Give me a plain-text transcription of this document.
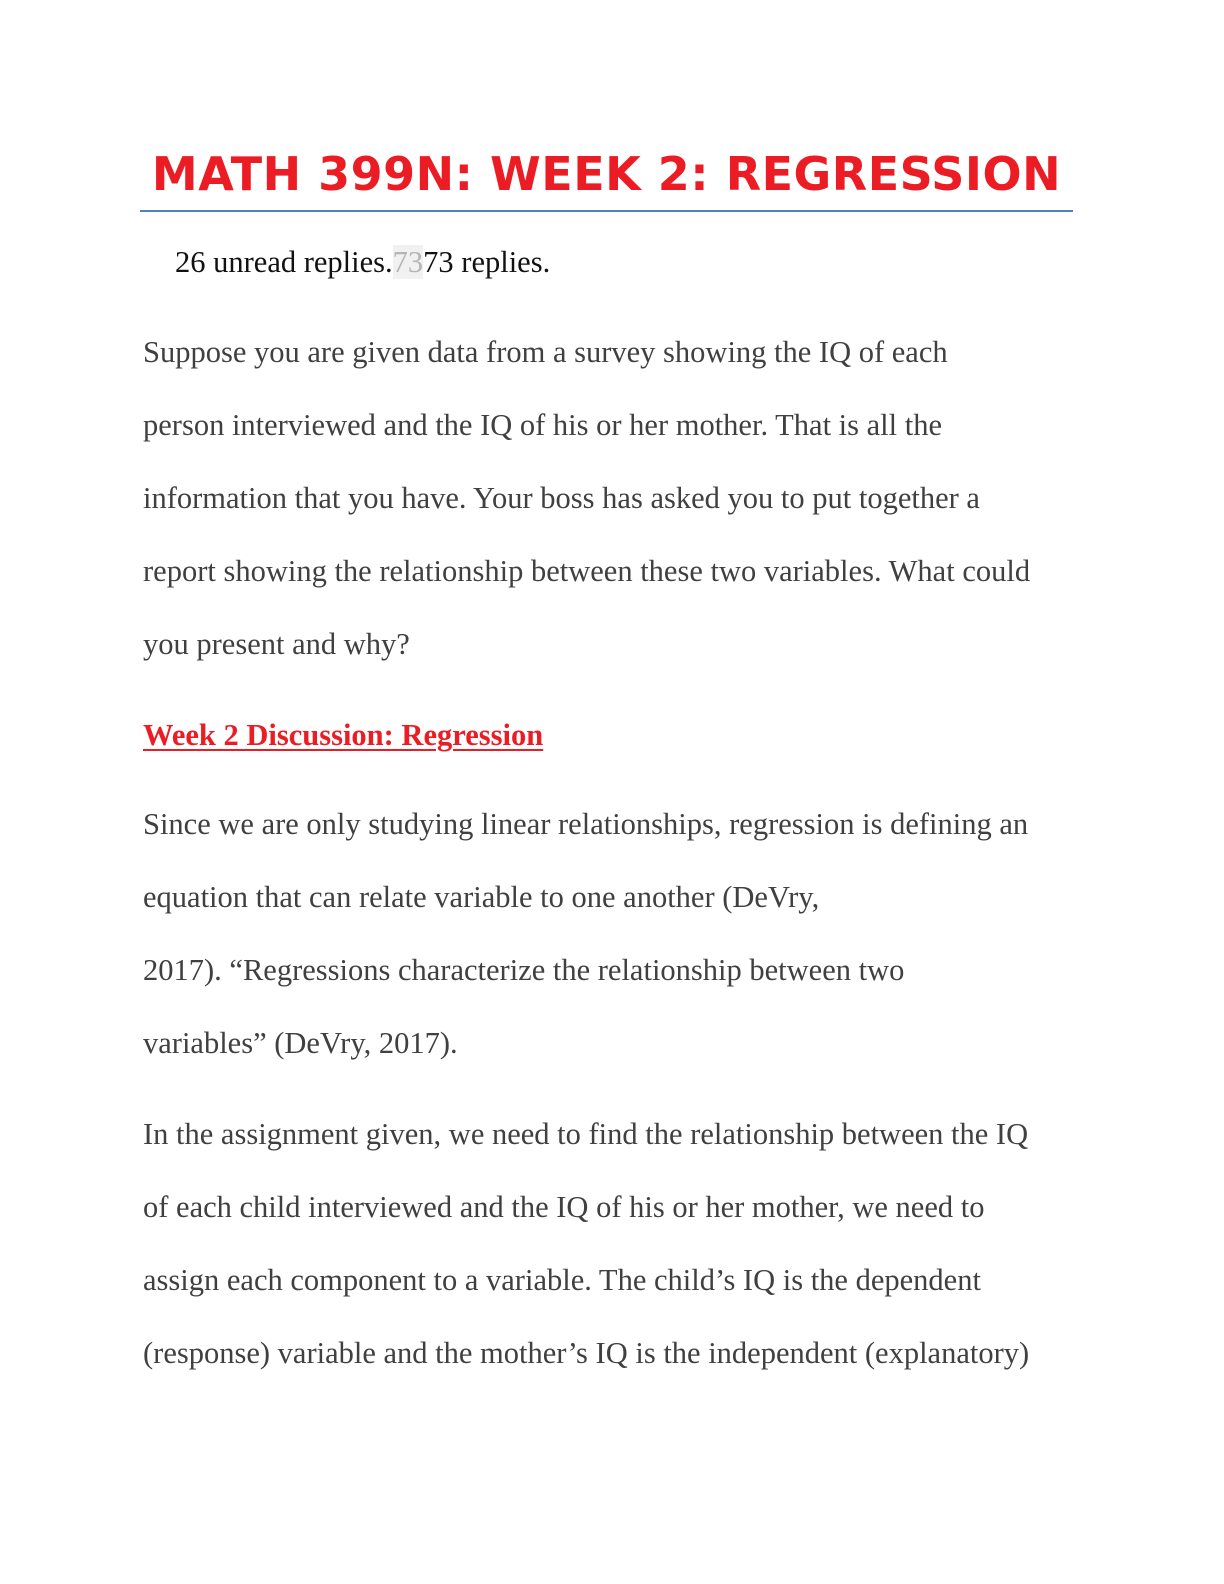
MATH 399N: WEEK 2: REGRESSION

26 unread replies.7373 replies.

Suppose you are given data from a survey showing the IQ of each
person interviewed and the IQ of his or her mother. That is all the
information that you have. Your boss has asked you to put together a
report showing the relationship between these two variables. What could
you present and why?

Week 2 Discussion: Regression

Since we are only studying linear relationships, regression is defining an
equation that can relate variable to one another (DeVry,
2017). “Regressions characterize the relationship between two
variables” (DeVry, 2017).

In the assignment given, we need to find the relationship between the IQ
of each child interviewed and the IQ of his or her mother, we need to
assign each component to a variable. The child’s IQ is the dependent
(response) variable and the mother’s IQ is the independent (explanatory)
